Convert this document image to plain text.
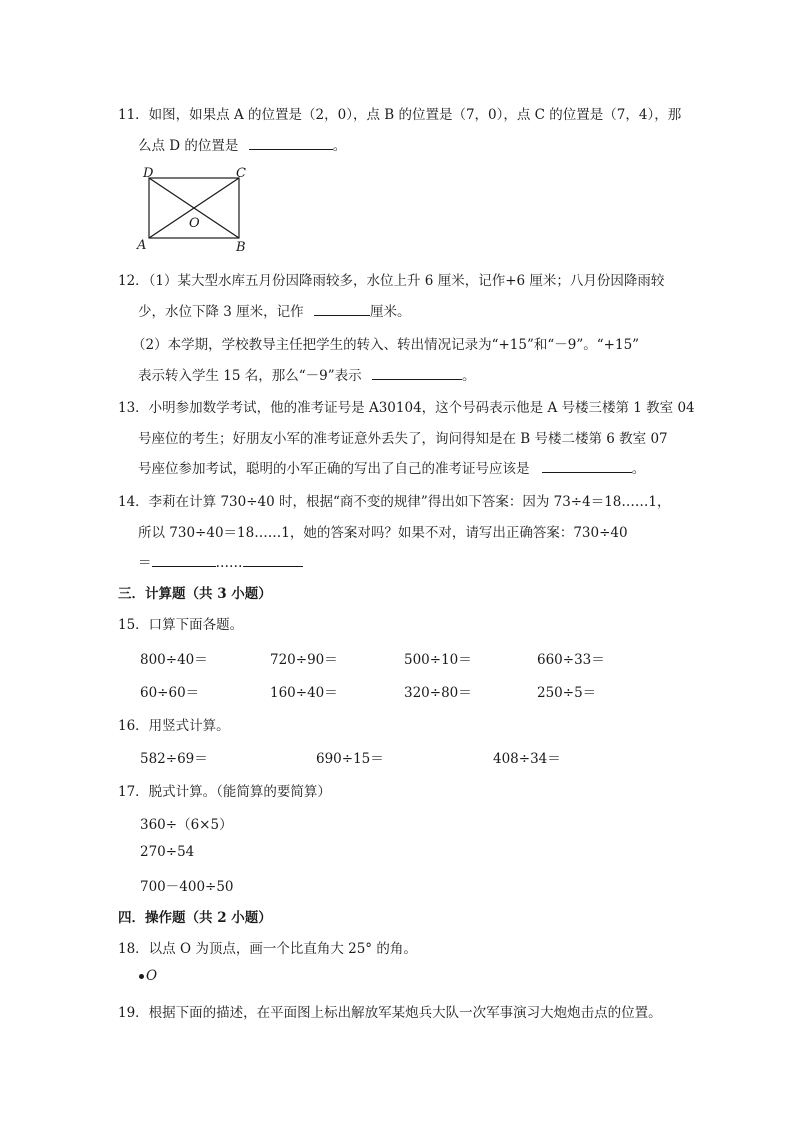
11．如图，如果点 A 的位置是（2，0），点 B 的位置是（7，0），点 C 的位置是（7，4），那
么点 D 的位置是	。
D	C
O
A	B
12．（1）某大型水库五月份因降雨较多，水位上升 6 厘米，记作+6 厘米；八月份因降雨较
少，水位下降 3 厘米，记作	厘米。
（2）本学期，学校教导主任把学生的转入、转出情况记录为“+15”和“－9”。“+15”
表示转入学生 15 名，那么“－9”表示	。
13．小明参加数学考试，他的准考证号是 A30104，这个号码表示他是 A 号楼三楼第 1 教室 04
号座位的考生；好朋友小军的准考证意外丢失了，询问得知是在 B 号楼二楼第 6 教室 07
号座位参加考试，聪明的小军正确的写出了自己的准考证号应该是	。
14．李莉在计算 730÷40 时，根据“商不变的规律”得出如下答案：因为 73÷4＝18……1，
所以 730÷40＝18……1，她的答案对吗？如果不对，请写出正确答案：730÷40
＝	……
三．计算题（共 3 小题）
15．口算下面各题。
800÷40＝	720÷90＝	500÷10＝	660÷33＝
60÷60＝	160÷40＝	320÷80＝	250÷5＝
16．用竖式计算。
582÷69＝	690÷15＝	408÷34＝
17．脱式计算。（能简算的要简算）
360÷（6×5）
270÷54
700－400÷50
四．操作题（共 2 小题）
18．以点 O 为顶点，画一个比直角大 25° 的角。
O
19．根据下面的描述，在平面图上标出解放军某炮兵大队一次军事演习大炮炮击点的位置。
